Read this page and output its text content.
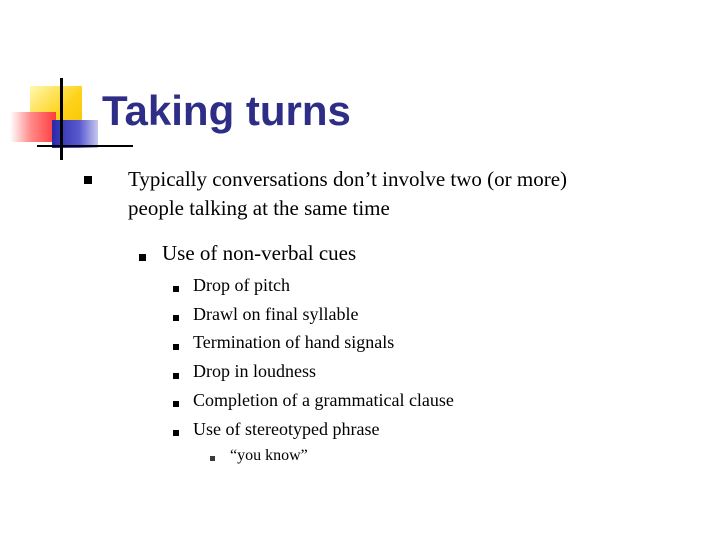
Taking turns
Typically conversations don’t involve two (or more)
people talking at the same time
Use of non-verbal cues
Drop of pitch
Drawl on final syllable
Termination of hand signals
Drop in loudness
Completion of a grammatical clause
Use of stereotyped phrase
“you know”
